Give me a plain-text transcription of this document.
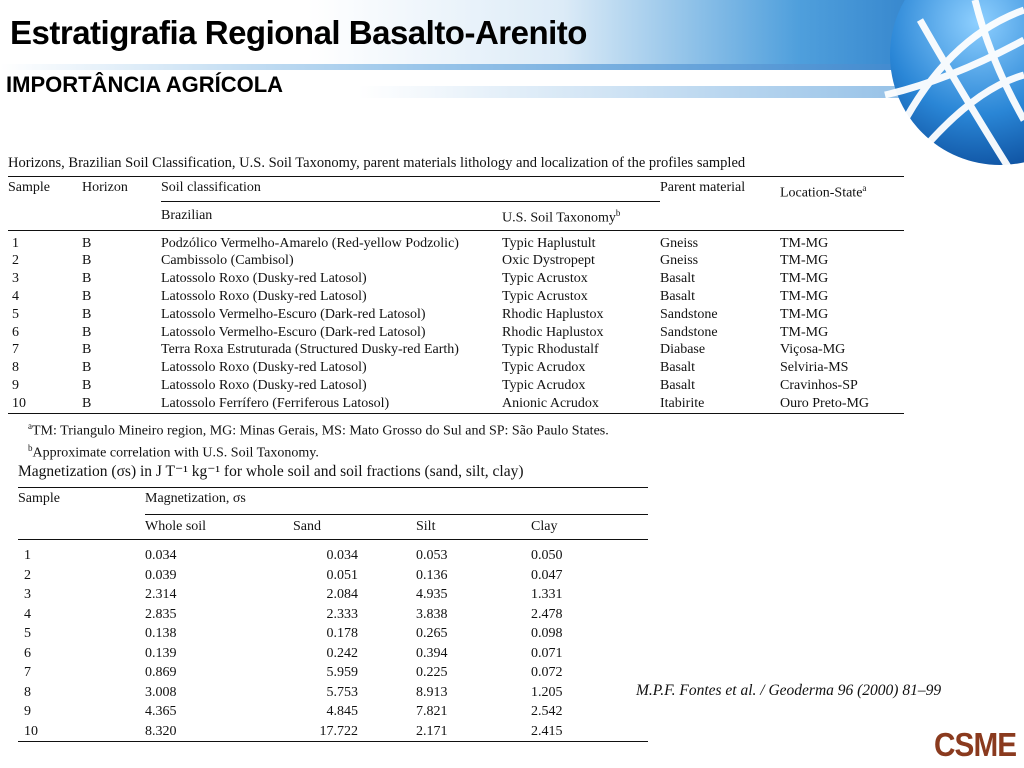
Estratigrafia Regional Basalto-Arenito
IMPORTÂNCIA AGRÍCOLA
Horizons, Brazilian Soil Classification, U.S. Soil Taxonomy, parent materials lithology and localization of the profiles sampled
Sample	Horizon	Soil classification		Parent material	Location-State$^a$
		Brazilian	U.S. Soil Taxonomy$^b$

1	B	Podzólico Vermelho-Amarelo (Red-yellow Podzolic)	Typic Haplustult	Gneiss	TM-MG
2	B	Cambissolo (Cambisol)	Oxic Dystropept	Gneiss	TM-MG
3	B	Latossolo Roxo (Dusky-red Latosol)	Typic Acrustox	Basalt	TM-MG
4	B	Latossolo Roxo (Dusky-red Latosol)	Typic Acrustox	Basalt	TM-MG
5	B	Latossolo Vermelho-Escuro (Dark-red Latosol)	Rhodic Haplustox	Sandstone	TM-MG
6	B	Latossolo Vermelho-Escuro (Dark-red Latosol)	Rhodic Haplustox	Sandstone	TM-MG
7	B	Terra Roxa Estruturada (Structured Dusky-red Earth)	Typic Rhodustalf	Diabase	Viçosa-MG
8	B	Latossolo Roxo (Dusky-red Latosol)	Typic Acrudox	Basalt	Selviria-MS
9	B	Latossolo Roxo (Dusky-red Latosol)	Typic Acrudox	Basalt	Cravinhos-SP
10	B	Latossolo Ferrífero (Ferriferous Latosol)	Anionic Acrudox	Itabirite	Ouro Preto-MG
$^a$TM: Triangulo Mineiro region, MG: Minas Gerais, MS: Mato Grosso do Sul and SP: São Paulo States.
$^b$Approximate correlation with U.S. Soil Taxonomy.
Magnetization (σs) in J T⁻¹ kg⁻¹ for whole soil and soil fractions (sand, silt, clay)
Sample	Magnetization, σs			
	Whole soil	Sand	Silt	Clay

1	0.034	0.034	0.053	0.050
2	0.039	0.051	0.136	0.047
3	2.314	2.084	4.935	1.331
4	2.835	2.333	3.838	2.478
5	0.138	0.178	0.265	0.098
6	0.139	0.242	0.394	0.071
7	0.869	5.959	0.225	0.072
8	3.008	5.753	8.913	1.205
9	4.365	4.845	7.821	2.542
10	8.320	17.722	2.171	2.415
M.P.F. Fontes et al. / Geoderma 96 (2000) 81–99
CSME
